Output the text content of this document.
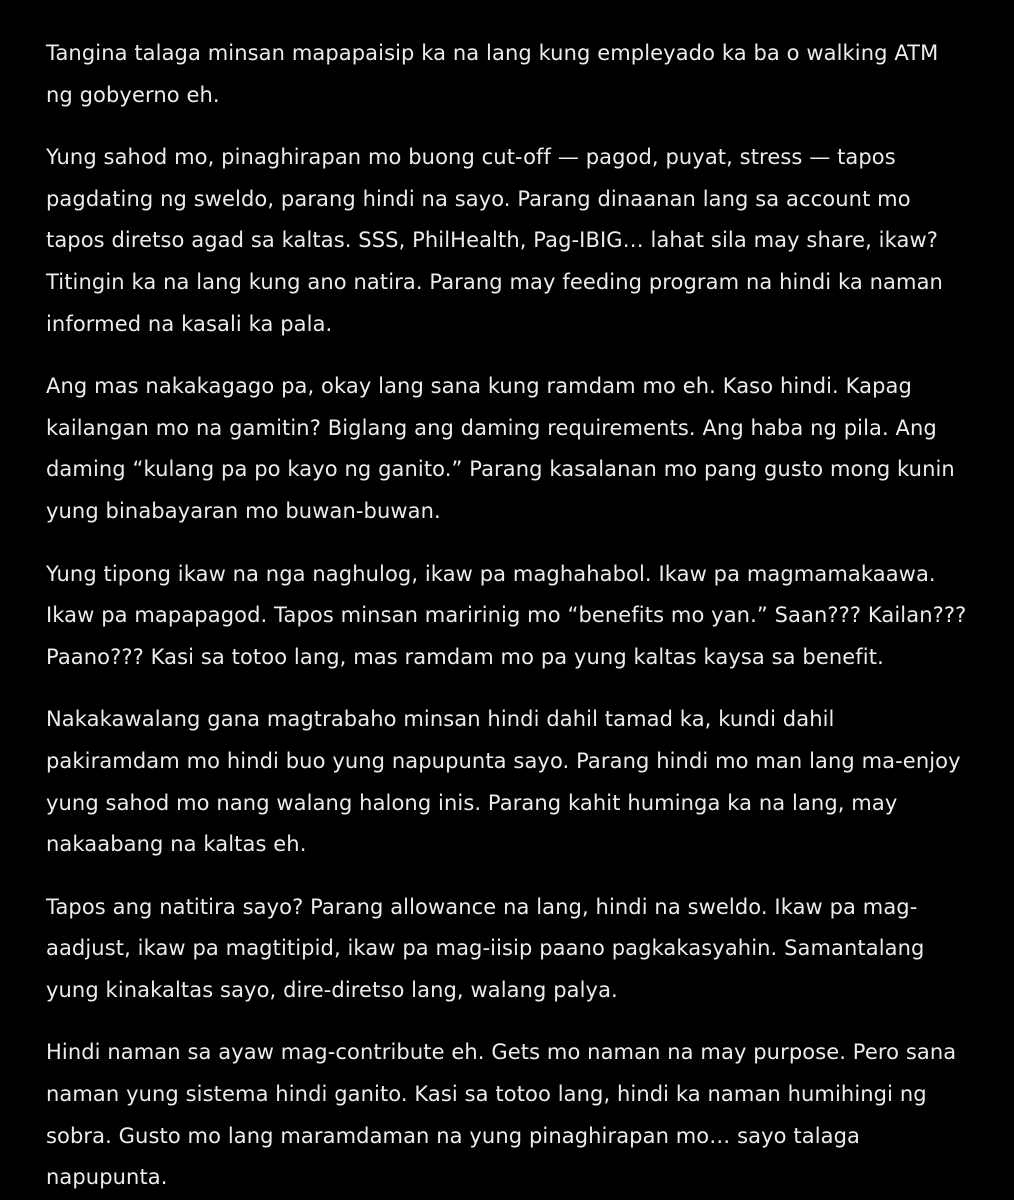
Tangina talaga minsan mapapaisip ka na lang kung empleyado ka ba o walking ATM ng gobyerno eh.

Yung sahod mo, pinaghirapan mo buong cut-off — pagod, puyat, stress — tapos pagdating ng sweldo, parang hindi na sayo. Parang dinaanan lang sa account mo tapos diretso agad sa kaltas. SSS, PhilHealth, Pag-IBIG… lahat sila may share, ikaw? Titingin ka na lang kung ano natira. Parang may feeding program na hindi ka naman informed na kasali ka pala.

Ang mas nakakagago pa, okay lang sana kung ramdam mo eh. Kaso hindi. Kapag kailangan mo na gamitin? Biglang ang daming requirements. Ang haba ng pila. Ang daming “kulang pa po kayo ng ganito.” Parang kasalanan mo pang gusto mong kunin yung binabayaran mo buwan-buwan.

Yung tipong ikaw na nga naghulog, ikaw pa maghahabol. Ikaw pa magmamakaawa. Ikaw pa mapapagod. Tapos minsan maririnig mo “benefits mo yan.” Saan??? Kailan??? Paano??? Kasi sa totoo lang, mas ramdam mo pa yung kaltas kaysa sa benefit.

Nakakawalang gana magtrabaho minsan hindi dahil tamad ka, kundi dahil pakiramdam mo hindi buo yung napupunta sayo. Parang hindi mo man lang ma-enjoy yung sahod mo nang walang halong inis. Parang kahit huminga ka na lang, may nakaabang na kaltas eh.

Tapos ang natitira sayo? Parang allowance na lang, hindi na sweldo. Ikaw pa mag-aadjust, ikaw pa magtitipid, ikaw pa mag-iisip paano pagkakasyahin. Samantalang yung kinakaltas sayo, dire-diretso lang, walang palya.

Hindi naman sa ayaw mag-contribute eh. Gets mo naman na may purpose. Pero sana naman yung sistema hindi ganito. Kasi sa totoo lang, hindi ka naman humihingi ng sobra. Gusto mo lang maramdaman na yung pinaghirapan mo… sayo talaga napupunta.
